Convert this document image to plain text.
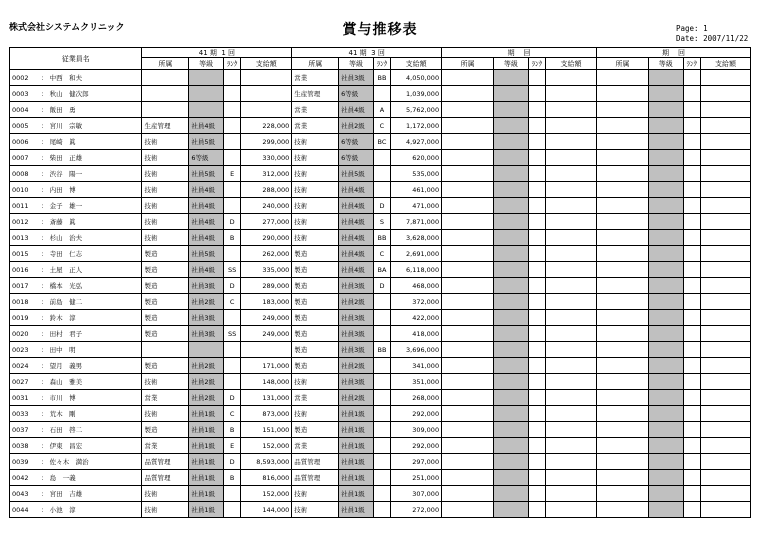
株式会社システムクリニック	賞与推移表	Page: 1
Date: 2007/11/22
従業員名	41 期 1 回				41 期 3 回				期 回				期 回			
	所属	等級	ﾗﾝｸ	支給額	所属	等級	ﾗﾝｸ	支給額	所属	等級	ﾗﾝｸ	支給額	所属	等級	ﾗﾝｸ	支給額
0002 ： 中西　和夫					営業	社員3級	BB	4,050,000								
0003 ： 秋山　健次郎					生産管理	6等級		1,039,000								
0004 ： 飯田　勇					営業	社員4級	A	5,762,000								
0005 ： 宮川　宗敏	生産管理	社員4級		228,000	営業	社員2級	C	1,172,000								
0006 ： 尾崎　眞	技術	社員5級		299,000	技術	6等級	BC	4,927,000								
0007 ： 柴田　正雄	技術	6等級		330,000	技術	6等級		620,000								
0008 ： 渋谷　陽一	技術	社員5級	E	312,000	技術	社員5級		535,000								
0010 ： 内田　博	技術	社員4級		288,000	技術	社員4級		461,000								
0011 ： 金子　雄一	技術	社員4級		240,000	技術	社員4級	D	471,000								
0012 ： 斎藤　眞	技術	社員4級	D	277,000	技術	社員4級	S	7,871,000								
0013 ： 杉山　治夫	技術	社員4級	B	290,000	技術	社員4級	BB	3,628,000								
0015 ： 寺田　仁志	製造	社員5級		262,000	製造	社員4級	C	2,691,000								
0016 ： 土屋　正人	製造	社員4級	SS	335,000	製造	社員4級	BA	6,118,000								
0017 ： 橋本　光弘	製造	社員3級	D	289,000	製造	社員3級	D	468,000								
0018 ： 前島　健二	製造	社員2級	C	183,000	製造	社員2級		372,000								
0019 ： 鈴木　淳	製造	社員3級		249,000	製造	社員3級		422,000								
0020 ： 田村　君子	製造	社員3級	SS	249,000	製造	社員3級		418,000								
0023 ： 田中　明					製造	社員3級	BB	3,696,000								
0024 ： 望月　義男	製造	社員2級		171,000	製造	社員2級		341,000								
0027 ： 森山　雅美	技術	社員2級		148,000	技術	社員3級		351,000								
0031 ： 市川　博	営業	社員2級	D	131,000	営業	社員2級		268,000								
0033 ： 荒木　剛	技術	社員1級	C	873,000	技術	社員1級		292,000								
0037 ： 石田　啓二	製造	社員1級	B	151,000	製造	社員1級		309,000								
0038 ： 伊東　昌宏	営業	社員1級	E	152,000	営業	社員1級		292,000								
0039 ： 佐々木　満治	品質管理	社員1級	D	8,593,000	品質管理	社員1級		297,000								
0042 ： 島　一義	品質管理	社員1級	B	816,000	品質管理	社員1級		251,000								
0043 ： 宮田　吉雄	技術	社員1級		152,000	技術	社員1級		307,000								
0044 ： 小池　淳	技術	社員1級		144,000	技術	社員1級		272,000								
